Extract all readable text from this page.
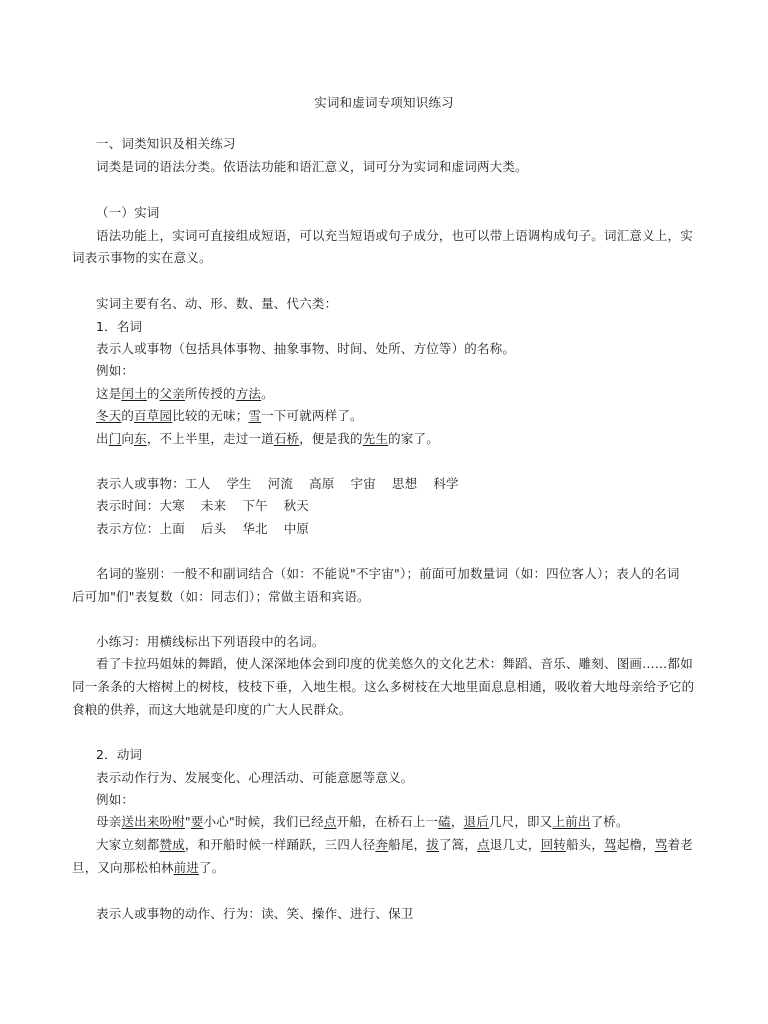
实词和虚词专项知识练习
一、词类知识及相关练习
词类是词的语法分类。依语法功能和语汇意义，词可分为实词和虚词两大类。
（一）实词
语法功能上，实词可直接组成短语，可以充当短语或句子成分，也可以带上语调构成句子。词汇意义上，实
词表示事物的实在意义。
实词主要有名、动、形、数、量、代六类：
1．名词
表示人或事物（包括具体事物、抽象事物、时间、处所、方位等）的名称。
例如：
这是闰土的父亲所传授的方法。
冬天的百草园比较的无味；雪一下可就两样了。
出门向东，不上半里，走过一道石桥，便是我的先生的家了。
表示人或事物：工人 学生 河流 高原 宇宙 思想 科学
表示时间：大寒 未来 下午 秋天
表示方位：上面 后头 华北 中原
名词的鉴别：一般不和副词结合（如：不能说"不宇宙"）；前面可加数量词（如：四位客人）；表人的名词
后可加"们"表复数（如：同志们）；常做主语和宾语。
小练习：用横线标出下列语段中的名词。
看了卡拉玛姐妹的舞蹈，使人深深地体会到印度的优美悠久的文化艺术：舞蹈、音乐、雕刻、图画……都如
同一条条的大榕树上的树枝，枝枝下垂，入地生根。这么多树枝在大地里面息息相通，吸收着大地母亲给予它的
食粮的供养，而这大地就是印度的广大人民群众。
2．动词
表示动作行为、发展变化、心理活动、可能意愿等意义。
例如：
母亲送出来吩咐"要小心"时候，我们已经点开船，在桥石上一磕，退后几尺，即又上前出了桥。
大家立刻都赞成，和开船时候一样踊跃，三四人径奔船尾，拔了篙，点退几丈，回转船头，驾起橹，骂着老
旦，又向那松柏林前进了。
表示人或事物的动作、行为：读、笑、操作、进行、保卫
